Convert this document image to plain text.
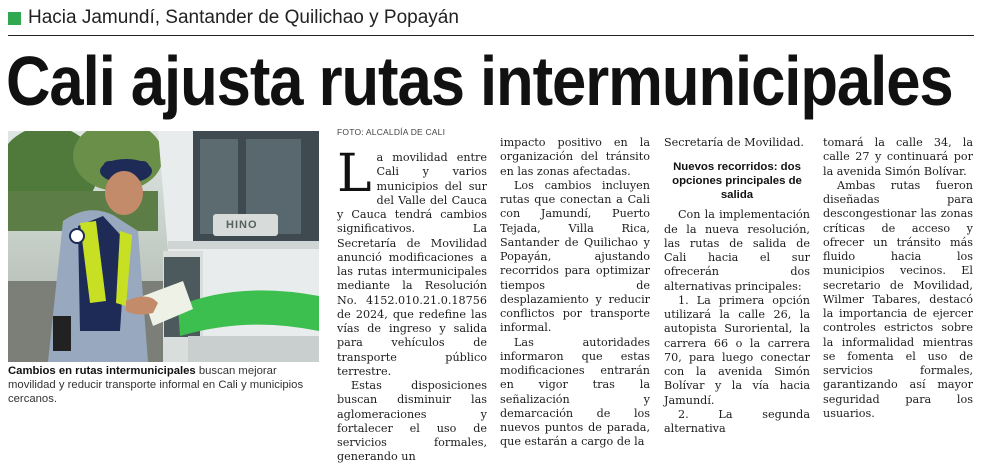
Hacia Jamundí, Santander de Quilichao y Popayán
Cali ajusta rutas intermunicipales
HINO
Cambios en rutas intermunicipales buscan mejorar movilidad y reducir transporte informal en Cali y municipios cercanos.
FOTO: ALCALDÍA DE CALI
L a movilidad entre Cali y varios municipios del sur del Valle del Cauca y Cauca tendrá cambios significativos. La Secretaría de Movilidad anunció modificaciones a las rutas intermunicipales mediante la Resolución No. 4152.010.21.0.18756 de 2024, que redefine las vías de ingreso y salida para vehículos de transporte público terrestre.

Estas disposiciones buscan disminuir las aglomeraciones y fortalecer el uso de servicios formales, generando un

impacto positivo en la organización del tránsito en las zonas afectadas.

Los cambios incluyen rutas que conectan a Cali con Jamundí, Puerto Tejada, Villa Rica, Santander de Quilichao y Popayán, ajustando recorridos para optimizar tiempos de desplazamiento y reducir conflictos por transporte informal.

Las autoridades informaron que estas modificaciones entrarán en vigor tras la señalización y demarcación de los nuevos puntos de parada, que estarán a cargo de la

Secretaría de Movilidad.

Nuevos recorridos: dos opciones principales de salida

Con la implementación de la nueva resolución, las rutas de salida de Cali hacia el sur ofrecerán dos alternativas principales:

1. La primera opción utilizará la calle 26, la autopista Suroriental, la carrera 66 o la carrera 70, para luego conectar con la avenida Simón Bolívar y la vía hacia Jamundí.

2. La segunda alternativa

tomará la calle 34, la calle 27 y continuará por la avenida Simón Bolívar.

Ambas rutas fueron diseñadas para descongestionar las zonas críticas de acceso y ofrecer un tránsito más fluido hacia los municipios vecinos. El secretario de Movilidad, Wilmer Tabares, destacó la importancia de ejercer controles estrictos sobre la informalidad mientras se fomenta el uso de servicios formales, garantizando así mayor seguridad para los usuarios.
